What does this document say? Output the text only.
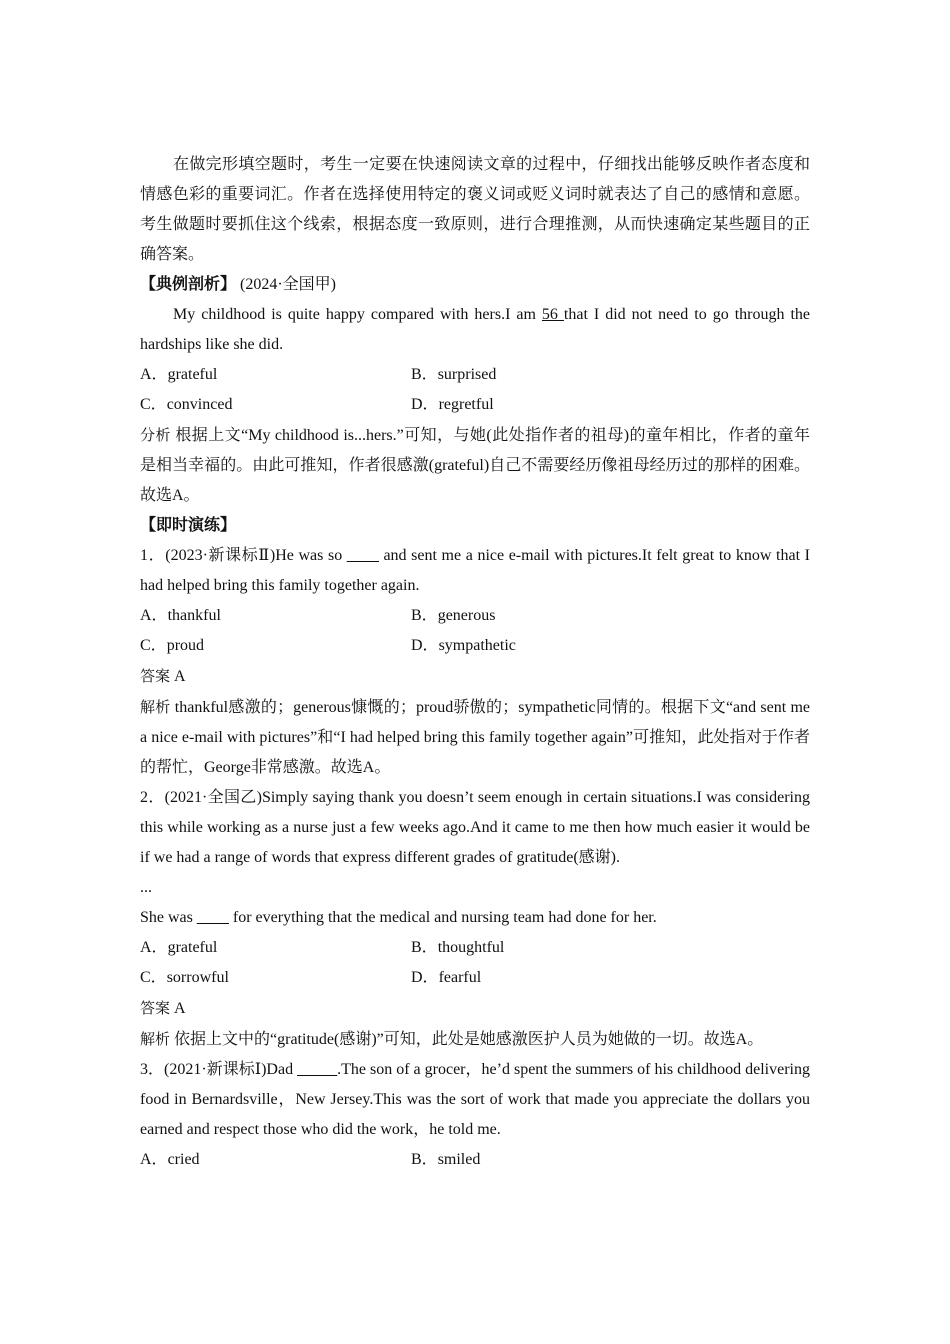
在做完形填空题时，考生一定要在快速阅读文章的过程中，仔细找出能够反映作者态度和情感色彩的重要词汇。作者在选择使用特定的褒义词或贬义词时就表达了自己的感情和意愿。考生做题时要抓住这个线索，根据态度一致原则，进行合理推测，从而快速确定某些题目的正确答案。

【典例剖析】 (2024·全国甲)

My childhood is quite happy compared with hers.I am 56 that I did not need to go through the hardships like she did.

A．grateful	B．surprised
C．convinced	D．regretful

分析 根据上文“My childhood is...hers.”可知，与她(此处指作者的祖母)的童年相比，作者的童年是相当幸福的。由此可推知，作者很感激(grateful)自己不需要经历像祖母经历过的那样的困难。故选A。

【即时演练】

1．(2023·新课标Ⅱ)He was so ____ and sent me a nice e-mail with pictures.It felt great to know that I had helped bring this family together again.

A．thankful	B．generous
C．proud	D．sympathetic

答案 A

解析 thankful感激的；generous慷慨的；proud骄傲的；sympathetic同情的。根据下文“and sent me a nice e-mail with pictures”和“I had helped bring this family together again”可推知，此处指对于作者的帮忙，George非常感激。故选A。

2．(2021·全国乙)Simply saying thank you doesn’t seem enough in certain situations.I was considering this while working as a nurse just a few weeks ago.And it came to me then how much easier it would be if we had a range of words that express different grades of gratitude(感谢).

...

She was ____ for everything that the medical and nursing team had done for her.

A．grateful	B．thoughtful
C．sorrowful	D．fearful

答案 A

解析 依据上文中的“gratitude(感谢)”可知，此处是她感激医护人员为她做的一切。故选A。

3．(2021·新课标Ⅰ)Dad _____.The son of a grocer，he’d spent the summers of his childhood delivering food in Bernardsville，New Jersey.This was the sort of work that made you appreciate the dollars you earned and respect those who did the work，he told me.

A．cried	B．smiled
